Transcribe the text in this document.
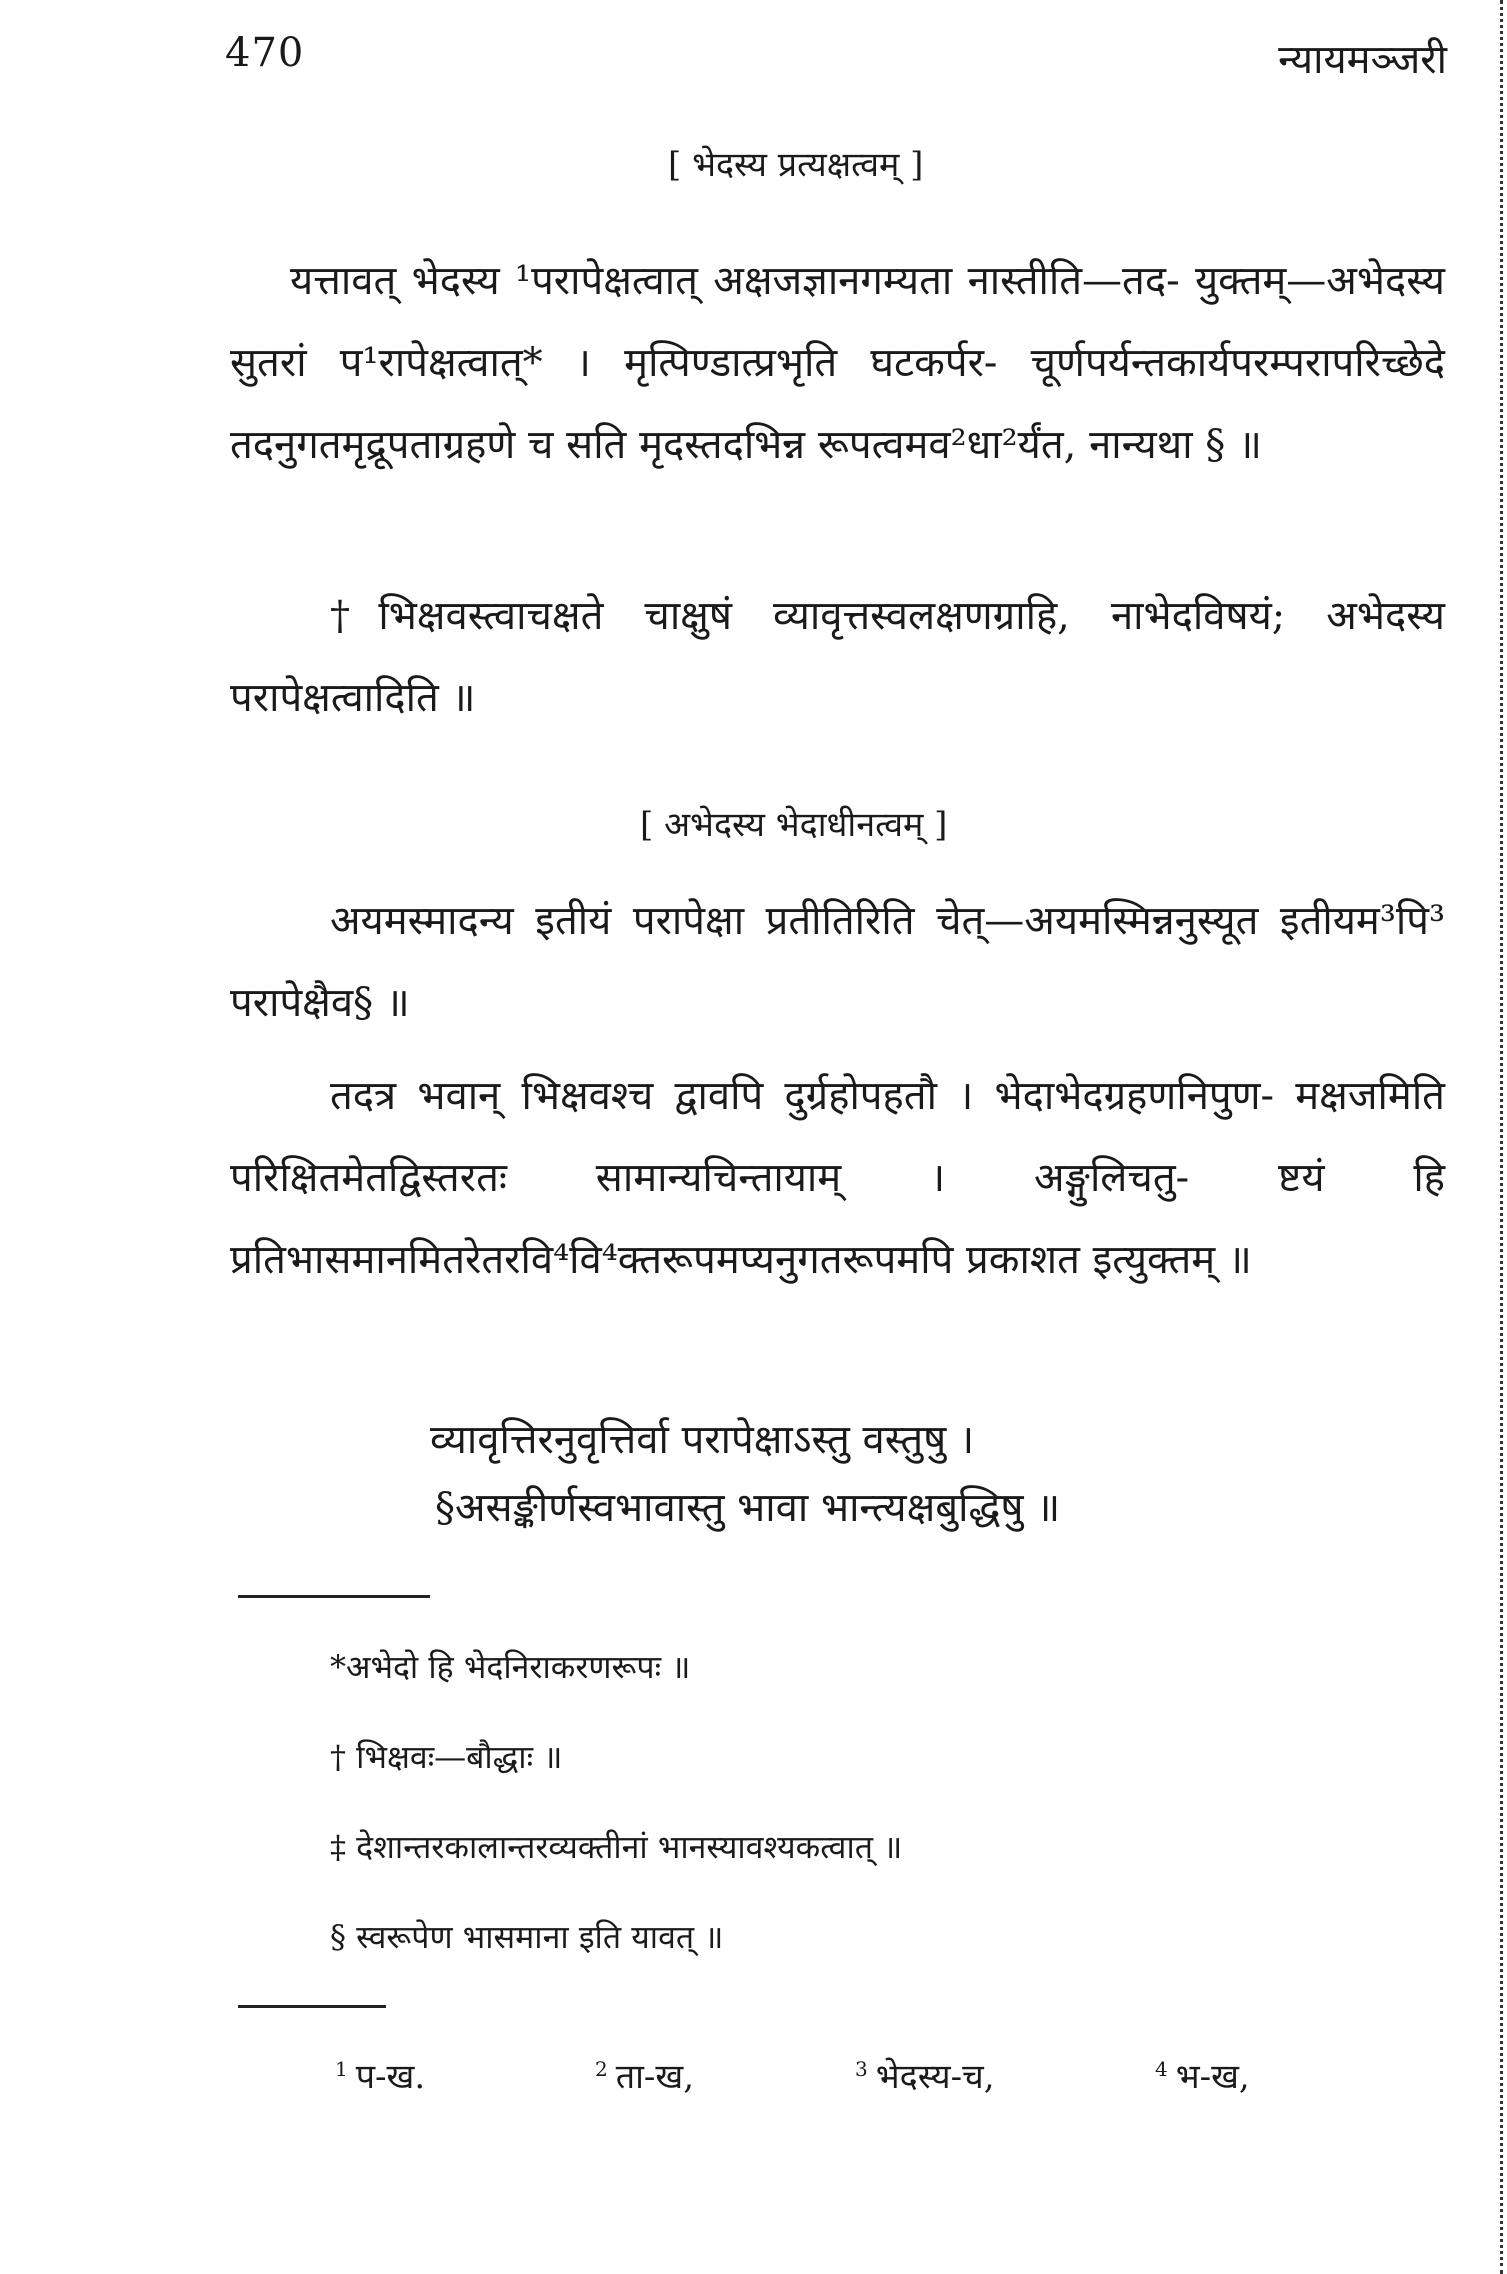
470	न्यायमञ्जरी
[ भेदस्य प्रत्यक्षत्वम् ]
यत्तावत् भेदस्य ¹परापेक्षत्वात् अक्षजज्ञानगम्यता नास्तीति—तद- युक्तम्—अभेदस्य सुतरां प¹रापेक्षत्वात्* । मृत्पिण्डात्प्रभृति घटकर्पर- चूर्णपर्यन्तकार्यपरम्परापरिच्छेदे तदनुगतमृद्रूपताग्रहणे च सति मृदस्तदभिन्न रूपत्वमव²धा²र्यंत, नान्यथा § ॥
†भिक्षवस्त्वाचक्षते चाक्षुषं व्यावृत्तस्वलक्षणग्राहि, नाभेदविषयं; अभेदस्य परापेक्षत्वादिति ॥
[ अभेदस्य भेदाधीनत्वम् ]
अयमस्मादन्य इतीयं परापेक्षा प्रतीतिरिति चेत्—अयमस्मिन्ननुस्यूत इतीयम³पि³ परापेक्षैव§ ॥
तदत्र भवान् भिक्षवश्च द्वावपि दुर्ग्रहोपहतौ । भेदाभेदग्रहणनिपुण- मक्षजमिति परिक्षितमेतद्विस्तरतः सामान्यचिन्तायाम् । अङ्गुलिचतु- ष्टयं हि प्रतिभासमानमितरेतरवि⁴वि⁴क्तरूपमप्यनुगतरूपमपि प्रकाशत इत्युक्तम् ॥
व्यावृत्तिरनुवृत्तिर्वा परापेक्षाऽस्तु वस्तुषु ।
§असङ्कीर्णस्वभावास्तु भावा भान्त्यक्षबुद्धिषु ॥
*अभेदो हि भेदनिराकरणरूपः ॥
† भिक्षवः—बौद्धाः ॥
‡ देशान्तरकालान्तरव्यक्तीनां भानस्यावश्यकत्वात् ॥
§ स्वरूपेण भासमाना इति यावत् ॥
$^1$ प-ख.	$^2$ ता-ख,	$^3$ भेदस्य-च,	$^4$ भ-ख,
